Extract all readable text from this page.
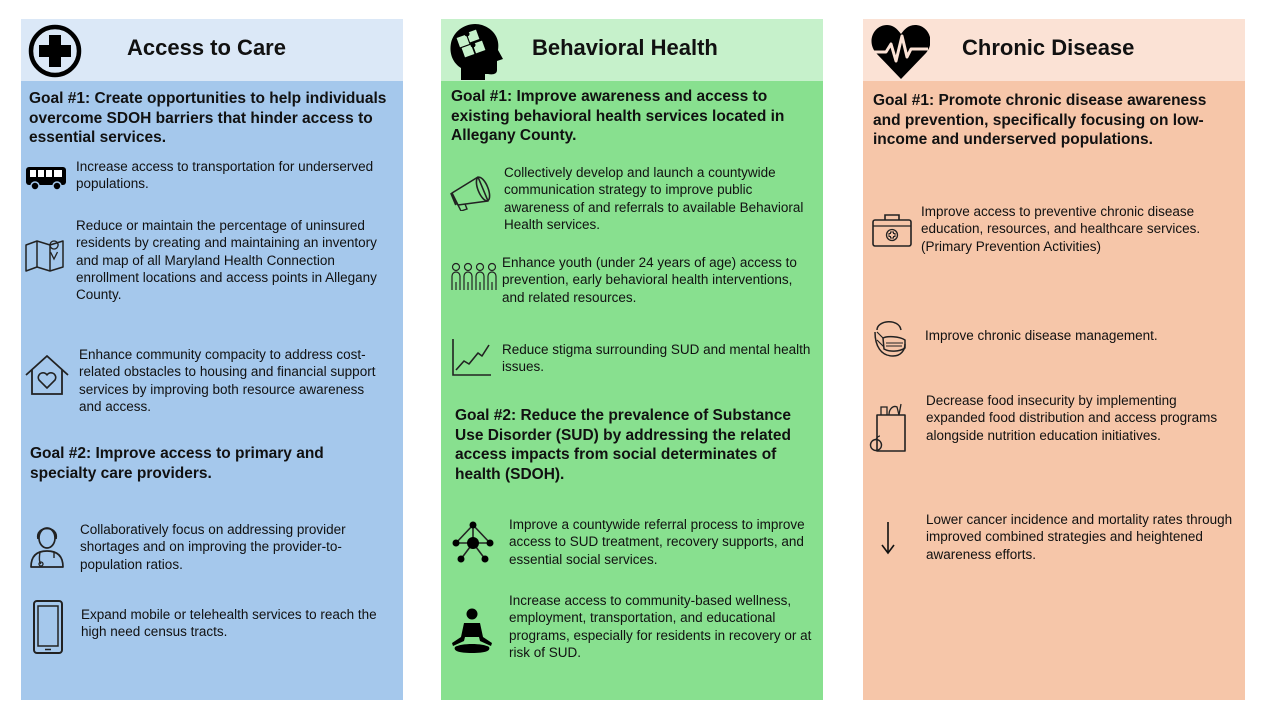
Access to Care
Goal #1: Create opportunities to help individuals overcome SDOH barriers that hinder access to essential services.
Increase access to transportation for underserved populations.
Reduce or maintain the percentage of uninsured residents by creating and maintaining an inventory and map of all Maryland Health Connection enrollment locations and access points in Allegany County.
Enhance community compacity to address cost-related obstacles to housing and financial support services by improving both resource awareness and access.
Goal #2: Improve access to primary and specialty care providers.
Collaboratively focus on addressing provider shortages and on improving the provider-to-population ratios.
Expand mobile or telehealth services to reach the high need census tracts.
Behavioral Health
Goal #1: Improve awareness and access to existing behavioral health services located in Allegany County.
Collectively develop and launch a countywide communication strategy to improve public awareness of and referrals to available Behavioral Health services.
Enhance youth (under 24 years of age) access to prevention, early behavioral health interventions, and related resources.
Reduce stigma surrounding SUD and mental health issues.
Goal #2: Reduce the prevalence of Substance Use Disorder (SUD) by addressing the related access impacts from social determinates of health (SDOH).
Improve a countywide referral process to improve access to SUD treatment, recovery supports, and essential social services.
Increase access to community-based wellness, employment, transportation, and educational programs, especially for residents in recovery or at risk of SUD.
Chronic Disease
Goal #1: Promote chronic disease awareness and prevention, specifically focusing on low-income and underserved populations.
Improve access to preventive chronic disease education, resources, and healthcare services. (Primary Prevention Activities)
Improve chronic disease management.
Decrease food insecurity by implementing expanded food distribution and access programs alongside nutrition education initiatives.
Lower cancer incidence and mortality rates through improved combined strategies and heightened awareness efforts.
